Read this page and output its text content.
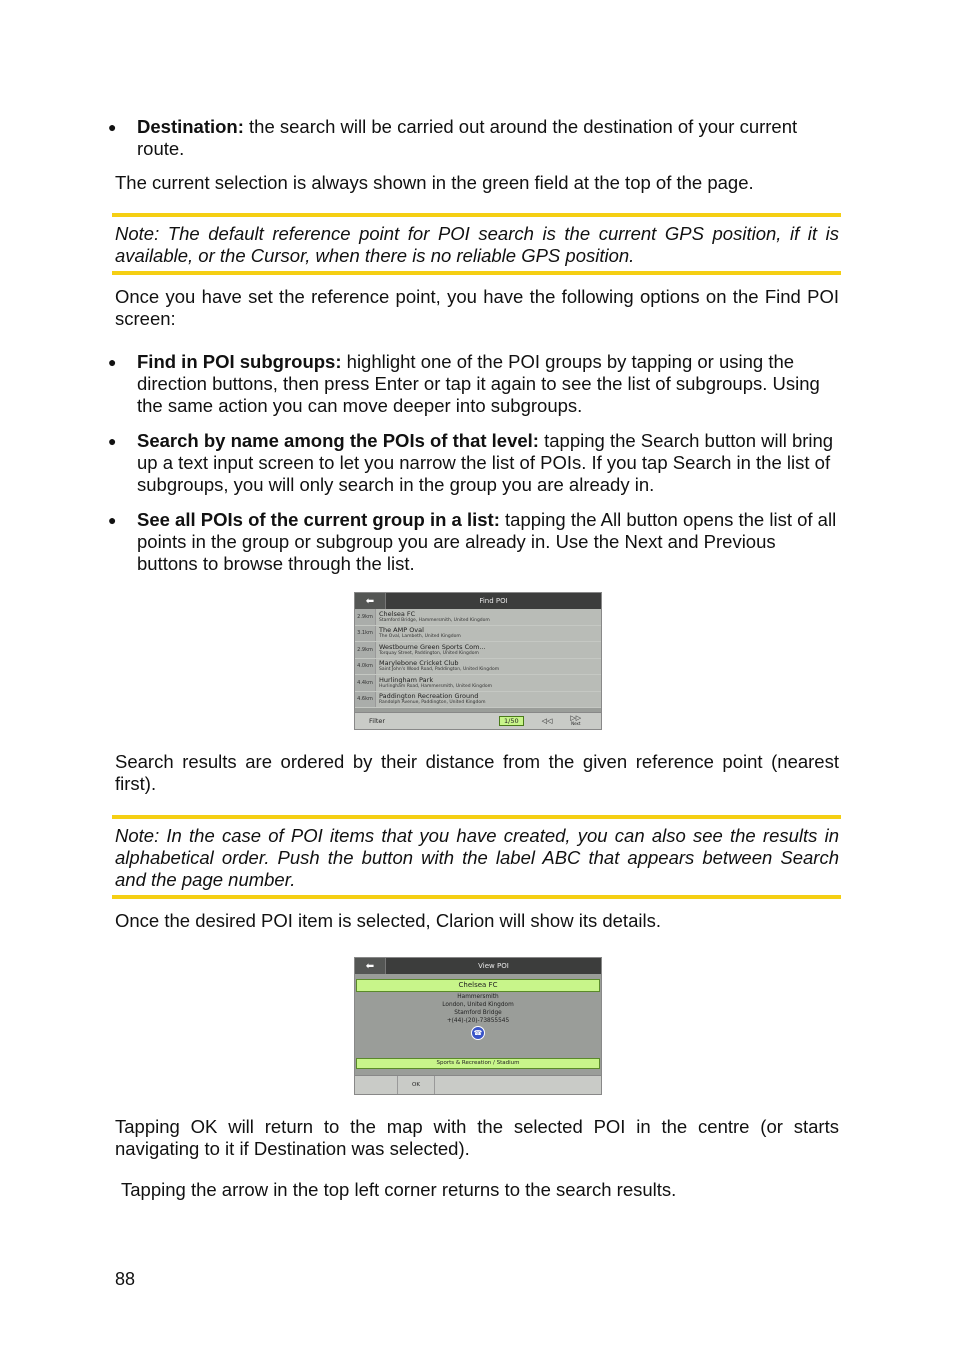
●	Destination: the search will be carried out around the destination of your current route.
The current selection is always shown in the green field at the top of the page.
Note: The default reference point for POI search is the current GPS position, if it is available, or the Cursor, when there is no reliable GPS position.
Once you have set the reference point, you have the following options on the Find POI screen:
●	Find in POI subgroups: highlight one of the POI groups by tapping or using the direction buttons, then press Enter or tap it again to see the list of subgroups. Using the same action you can move deeper into subgroups.
●	Search by name among the POIs of that level: tapping the Search button will bring up a text input screen to let you narrow the list of POIs. If you tap Search in the list of subgroups, you will only search in the group you are already in.
●	See all POIs of the current group in a list: tapping the All button opens the list of all points in the group or subgroup you are already in. Use the Next and Previous buttons to browse through the list.
⬅	Find POI
2.9km Chelsea FC
Stamford Bridge, Hammersmith, United Kingdom
3.1km The AMP Oval
The Oval, Lambeth, United Kingdom
2.9km Westbourne Green Sports Com...
Torquay Street, Paddington, United Kingdom
4.0km Marylebone Cricket Club
Saint John's Wood Road, Paddington, United Kingdom
4.4km Hurlingham Park
Hurlingham Road, Hammersmith, United Kingdom
4.6km Paddington Recreation Ground
Randolph Avenue, Paddington, United Kingdom
Filter	1/50	◁◁	▷▷
Next
Search results are ordered by their distance from the given reference point (nearest first).
Note: In the case of POI items that you have created, you can also see the results in alphabetical order. Push the button with the label ABC that appears between Search and the page number.
Once the desired POI item is selected, Clarion will show its details.
⬅	View POI
Chelsea FC
Hammersmith
London, United Kingdom
Stamford Bridge
+(44)-(20)-73855545
☎
Sports & Recreation / Stadium
OK
Tapping OK will return to the map with the selected POI in the centre (or starts navigating to it if Destination was selected).
Tapping the arrow in the top left corner returns to the search results.
88
